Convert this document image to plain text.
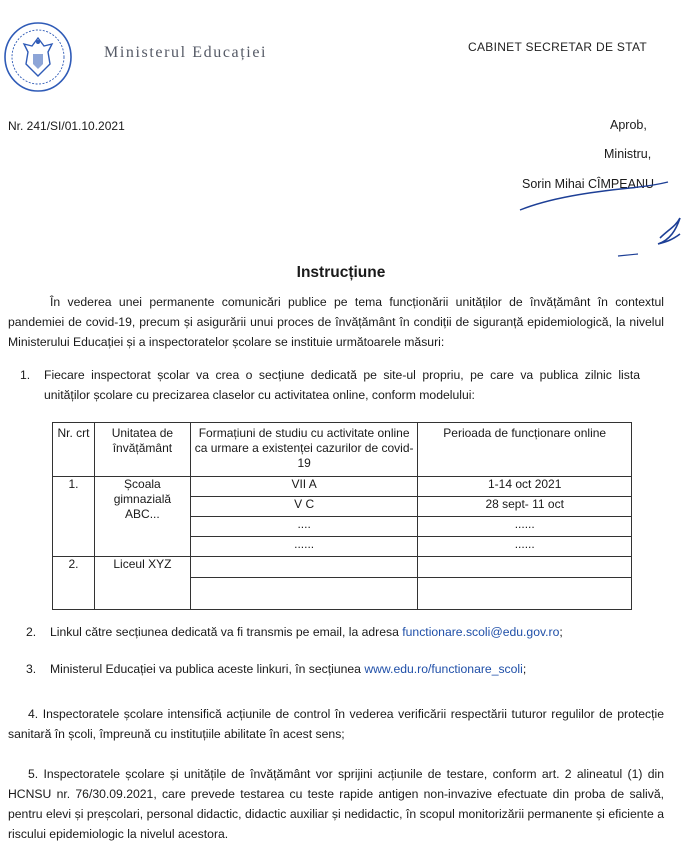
Ministerul Educației	CABINET SECRETAR DE STAT
Nr. 241/SI/01.10.2021	Aprob,
Ministru,
Sorin Mihai CÎMPEANU
Instrucțiune
În vederea unei permanente comunicări publice pe tema funcționării unităților de învățământ în contextul pandemiei de covid-19, precum și asigurării unui proces de învățământ în condiții de siguranță epidemiologică, la nivelul Ministerului Educației și a inspectoratelor școlare se instituie următoarele măsuri:
1.	Fiecare inspectorat școlar va crea o secțiune dedicată pe site-ul propriu, pe care va publica zilnic lista unităților școlare cu precizarea claselor cu activitatea online, conform modelului:
Nr. crt	Unitatea de învățământ	Formațiuni de studiu cu activitate online ca urmare a existenței cazurilor de covid-19	Perioada de funcționare online
1.	Școala gimnazială ABC...	VII A	1-14 oct 2021
		V C	28 sept- 11 oct
		....	......
		......	......
2.	Liceul XYZ		

2. Linkul către secțiunea dedicată va fi transmis pe email, la adresa functionare.scoli@edu.gov.ro;
3. Ministerul Educației va publica aceste linkuri, în secțiunea www.edu.ro/functionare_scoli;
4. Inspectoratele școlare intensifică acțiunile de control în vederea verificării respectării tuturor regulilor de protecție sanitară în școli, împreună cu instituțiile abilitate în acest sens;
5. Inspectoratele școlare și unitățile de învățământ vor sprijini acțiunile de testare, conform art. 2 alineatul (1) din HCNSU nr. 76/30.09.2021, care prevede testarea cu teste rapide antigen non-invazive efectuate din proba de salivă, pentru elevi și preșcolari, personal didactic, didactic auxiliar și nedidactic, în scopul monitorizării permanente și eficiente a riscului epidemiologic la nivelul acestora.
